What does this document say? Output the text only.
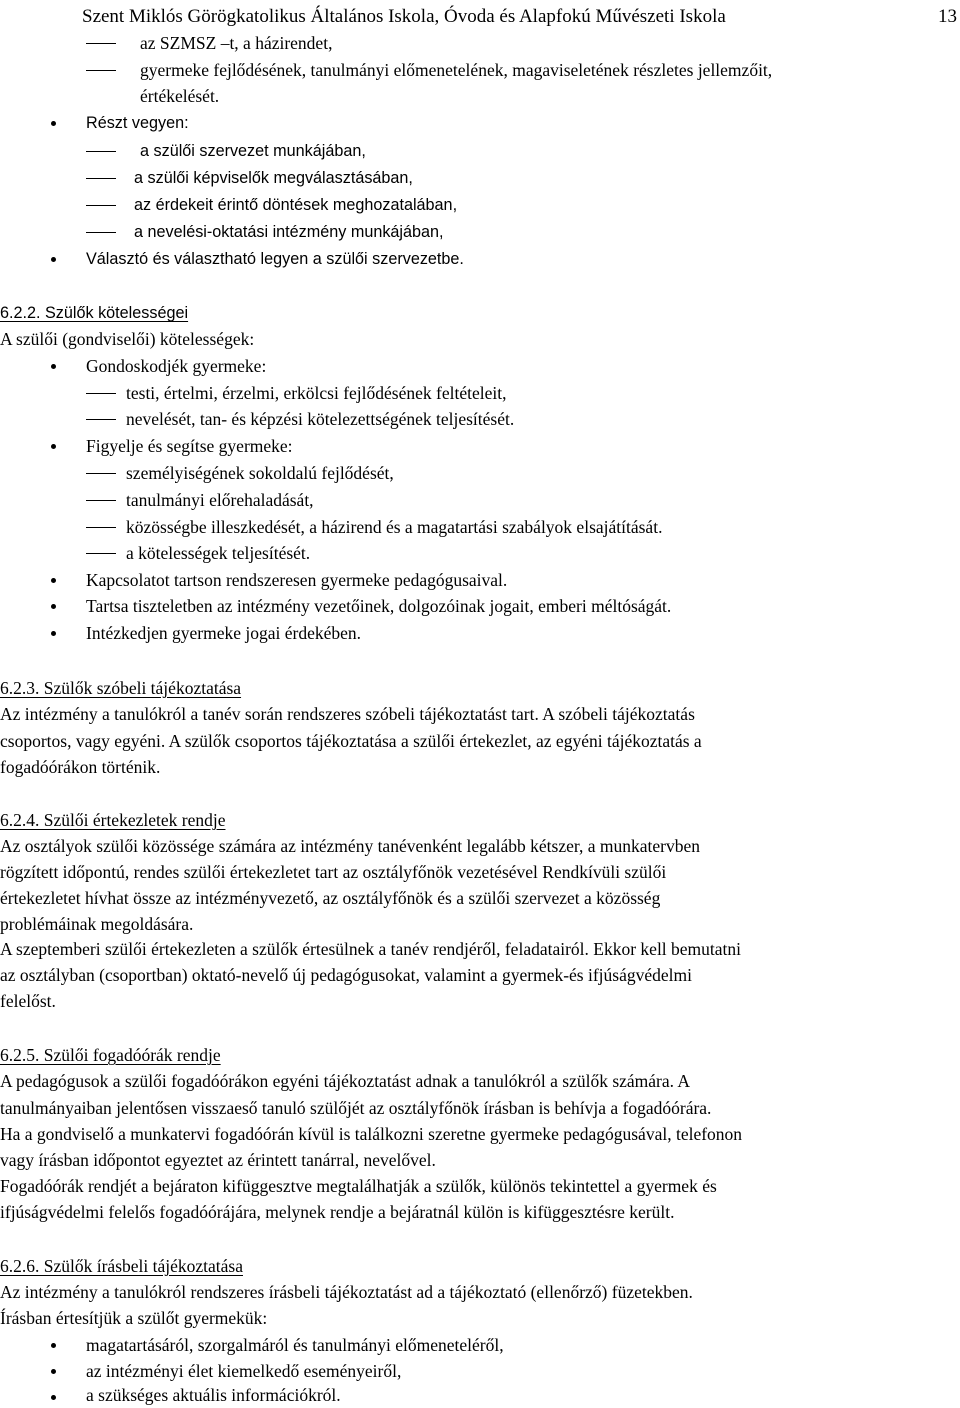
Szent Miklós Görögkatolikus Általános Iskola, Óvoda és Alapfokú Művészeti Iskola	13
az SZMSZ –t, a házirendet,
gyermeke fejlődésének, tanulmányi előmenetelének, magaviseletének részletes jellemzőit,
értékelését.
Részt vegyen:
a szülői szervezet munkájában,
a szülői képviselők megválasztásában,
az érdekeit érintő döntések meghozatalában,
a nevelési-oktatási intézmény munkájában,
Választó és választható legyen a szülői szervezetbe.
6.2.2. Szülők kötelességei
A szülői (gondviselői) kötelességek:
Gondoskodjék gyermeke:
testi, értelmi, érzelmi, erkölcsi fejlődésének feltételeit,
nevelését, tan- és képzési kötelezettségének teljesítését.
Figyelje és segítse gyermeke:
személyiségének sokoldalú fejlődését,
tanulmányi előrehaladását,
közösségbe illeszkedését, a házirend és a magatartási szabályok elsajátítását.
a kötelességek teljesítését.
Kapcsolatot tartson rendszeresen gyermeke pedagógusaival.
Tartsa tiszteletben az intézmény vezetőinek, dolgozóinak jogait, emberi méltóságát.
Intézkedjen gyermeke jogai érdekében.
6.2.3. Szülők szóbeli tájékoztatása
Az intézmény a tanulókról a tanév során rendszeres szóbeli tájékoztatást tart. A szóbeli tájékoztatás
csoportos, vagy egyéni. A szülők csoportos tájékoztatása a szülői értekezlet, az egyéni tájékoztatás a
fogadóórákon történik.
6.2.4. Szülői értekezletek rendje
Az osztályok szülői közössége számára az intézmény tanévenként legalább kétszer, a munkatervben
rögzített időpontú, rendes szülői értekezletet tart az osztályfőnök vezetésével Rendkívüli szülői
értekezletet hívhat össze az intézményvezető, az osztályfőnök és a szülői szervezet a közösség
problémáinak megoldására.
A szeptemberi szülői értekezleten a szülők értesülnek a tanév rendjéről, feladatairól. Ekkor kell bemutatni
az osztályban (csoportban) oktató-nevelő új pedagógusokat, valamint a gyermek-és ifjúságvédelmi
felelőst.
6.2.5. Szülői fogadóórák rendje
A pedagógusok a szülői fogadóórákon egyéni tájékoztatást adnak a tanulókról a szülők számára. A
tanulmányaiban jelentősen visszaeső tanuló szülőjét az osztályfőnök írásban is behívja a fogadóórára.
Ha a gondviselő a munkatervi fogadóórán kívül is találkozni szeretne gyermeke pedagógusával, telefonon
vagy írásban időpontot egyeztet az érintett tanárral, nevelővel.
Fogadóórák rendjét a bejáraton kifüggesztve megtalálhatják a szülők, különös tekintettel a gyermek és
ifjúságvédelmi felelős fogadóórájára, melynek rendje a bejáratnál külön is kifüggesztésre került.
6.2.6. Szülők írásbeli tájékoztatása
Az intézmény a tanulókról rendszeres írásbeli tájékoztatást ad a tájékoztató (ellenőrző) füzetekben.
Írásban értesítjük a szülőt gyermekük:
magatartásáról, szorgalmáról és tanulmányi előmeneteléről,
az intézményi élet kiemelkedő eseményeiről,
a szükséges aktuális információkról.
